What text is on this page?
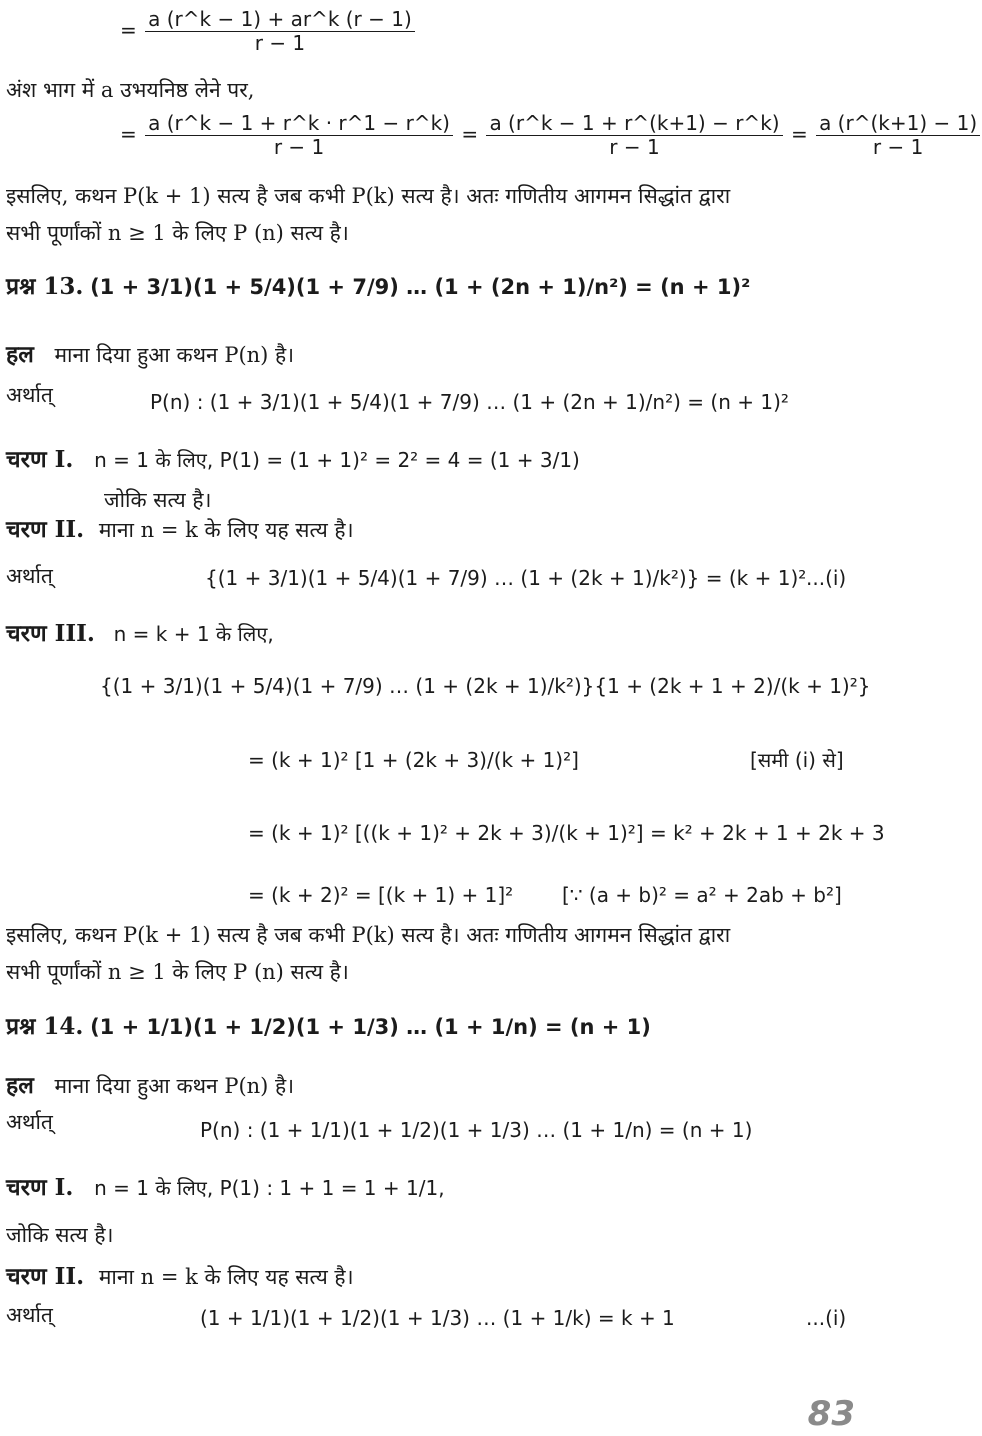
= $\frac{a (r\^{}k - 1) + ar\^{}k (r - 1)}{r - 1}$
अंश भाग में a उभयनिष्ठ लेने पर,
= $\frac{a (r\^{}k - 1 + r\^{}k \cdot r\^{}1 - r\^{}k)}{r - 1} = \frac{a (r\^{}k - 1 + r\^{}(k+1) - r\^{}k)}{r - 1} = \frac{a (r\^{}(k+1) - 1)}{r - 1}$
इसलिए, कथन P(k + 1) सत्य है जब कभी P(k) सत्य है। अतः गणितीय आगमन सिद्धांत द्वारा
सभी पूर्णांकों n ≥ 1 के लिए P (n) सत्य है।
प्रश्न 13. (1 + 3/1)(1 + 5/4)(1 + 7/9) … (1 + (2n + 1)/n²) = (n + 1)²
हल माना दिया हुआ कथन P(n) है।
अर्थात्	P(n) : (1 + 3/1)(1 + 5/4)(1 + 7/9) … (1 + (2n + 1)/n²) = (n + 1)²
चरण I. n = 1 के लिए, P(1) = (1 + 1)² = 2² = 4 = (1 + 3/1)
जोकि सत्य है।
चरण II. माना n = k के लिए यह सत्य है।
अर्थात्	{(1 + 3/1)(1 + 5/4)(1 + 7/9) … (1 + (2k + 1)/k²)} = (k + 1)² ...(i)
चरण III. n = k + 1 के लिए,
{(1 + 3/1)(1 + 5/4)(1 + 7/9) … (1 + (2k + 1)/k²)}{1 + (2k + 1 + 2)/(k + 1)²}
= (k + 1)² [1 + (2k + 3)/(k + 1)²]	[समी (i) से]
= (k + 1)² [((k + 1)² + 2k + 3)/(k + 1)²] = k² + 2k + 1 + 2k + 3
= (k + 2)² = [(k + 1) + 1]² [∵ (a + b)² = a² + 2ab + b²]
इसलिए, कथन P(k + 1) सत्य है जब कभी P(k) सत्य है। अतः गणितीय आगमन सिद्धांत द्वारा
सभी पूर्णांकों n ≥ 1 के लिए P (n) सत्य है।
प्रश्न 14. (1 + 1/1)(1 + 1/2)(1 + 1/3) … (1 + 1/n) = (n + 1)
हल माना दिया हुआ कथन P(n) है।
अर्थात्	P(n) : (1 + 1/1)(1 + 1/2)(1 + 1/3) … (1 + 1/n) = (n + 1)
चरण I. n = 1 के लिए, P(1) : 1 + 1 = 1 + 1/1,
जोकि सत्य है।
चरण II. माना n = k के लिए यह सत्य है।
अर्थात्	(1 + 1/1)(1 + 1/2)(1 + 1/3) … (1 + 1/k) = k + 1	...(i)
83
